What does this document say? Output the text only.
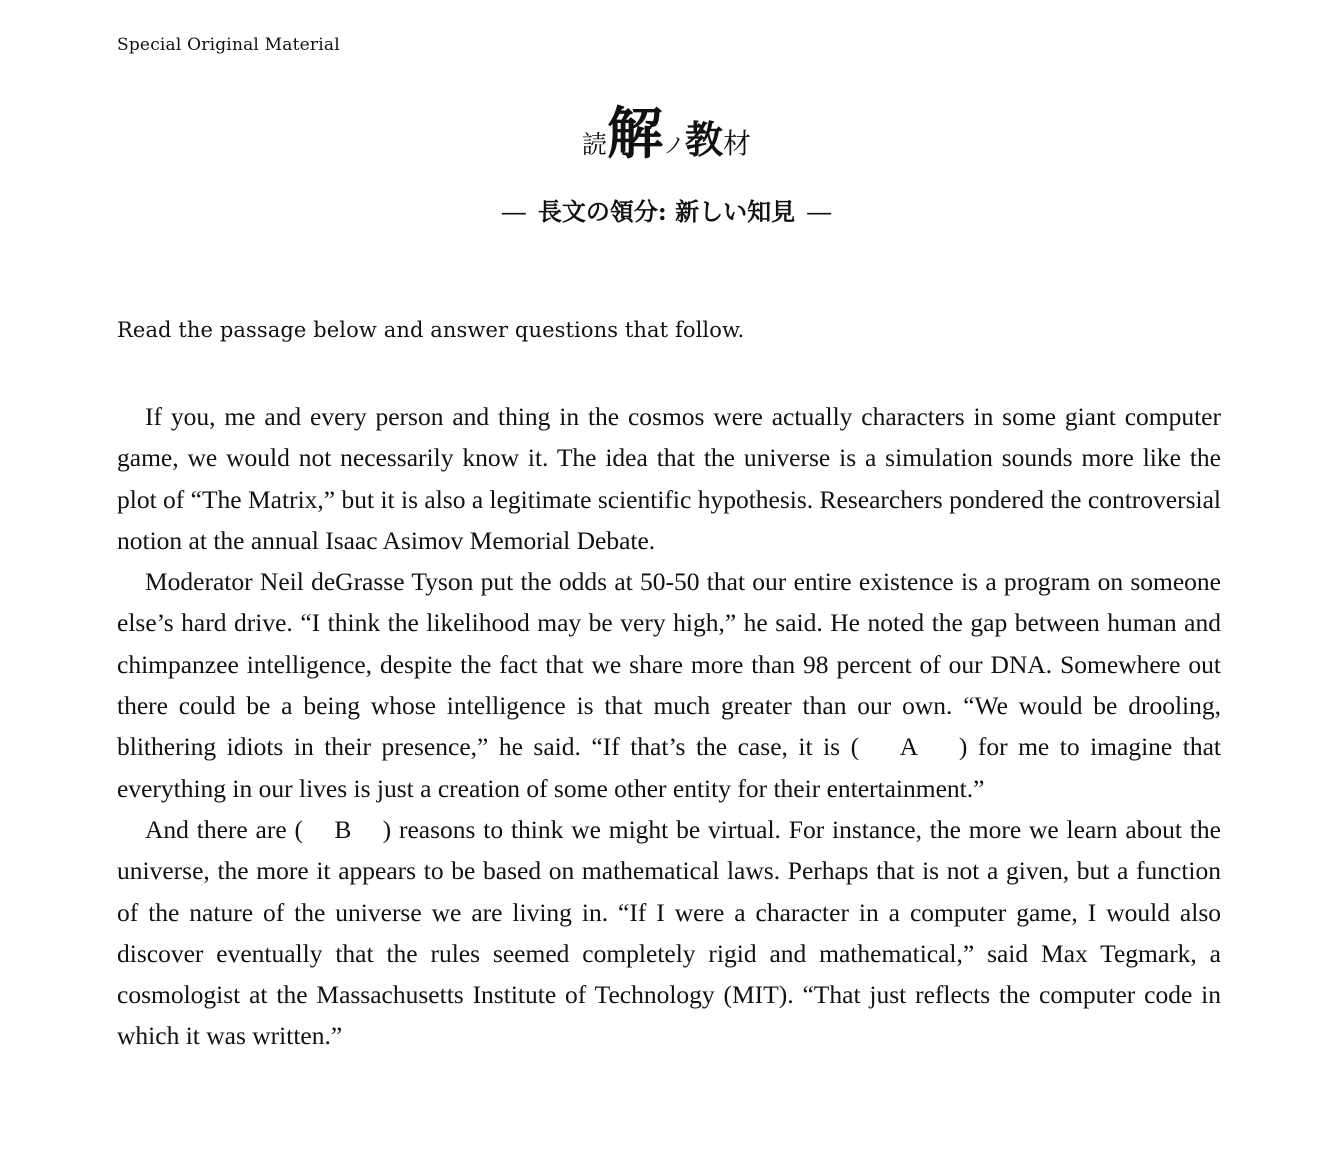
Special Original Material
読解ノ教材
― 長文の領分: 新しい知見 ―
Read the passage below and answer questions that follow.

If you, me and every person and thing in the cosmos were actually characters in some giant computer game, we would not necessarily know it. The idea that the universe is a simulation sounds more like the plot of “The Matrix,” but it is also a legitimate scientific hypothesis. Researchers pondered the controversial notion at the annual Isaac Asimov Memorial Debate.

Moderator Neil deGrasse Tyson put the odds at 50-50 that our entire existence is a program on someone else’s hard drive. “I think the likelihood may be very high,” he said. He noted the gap between human and chimpanzee intelligence, despite the fact that we share more than 98 percent of our DNA. Somewhere out there could be a being whose intelligence is that much greater than our own. “We would be drooling, blithering idiots in their presence,” he said. “If that’s the case, it is (    A    ) for me to imagine that everything in our lives is just a creation of some other entity for their entertainment.”

And there are (    B    ) reasons to think we might be virtual. For instance, the more we learn about the universe, the more it appears to be based on mathematical laws. Perhaps that is not a given, but a function of the nature of the universe we are living in. “If I were a character in a computer game, I would also discover eventually that the rules seemed completely rigid and mathematical,” said Max Tegmark, a cosmologist at the Massachusetts Institute of Technology (MIT). “That just reflects the computer code in which it was written.”
